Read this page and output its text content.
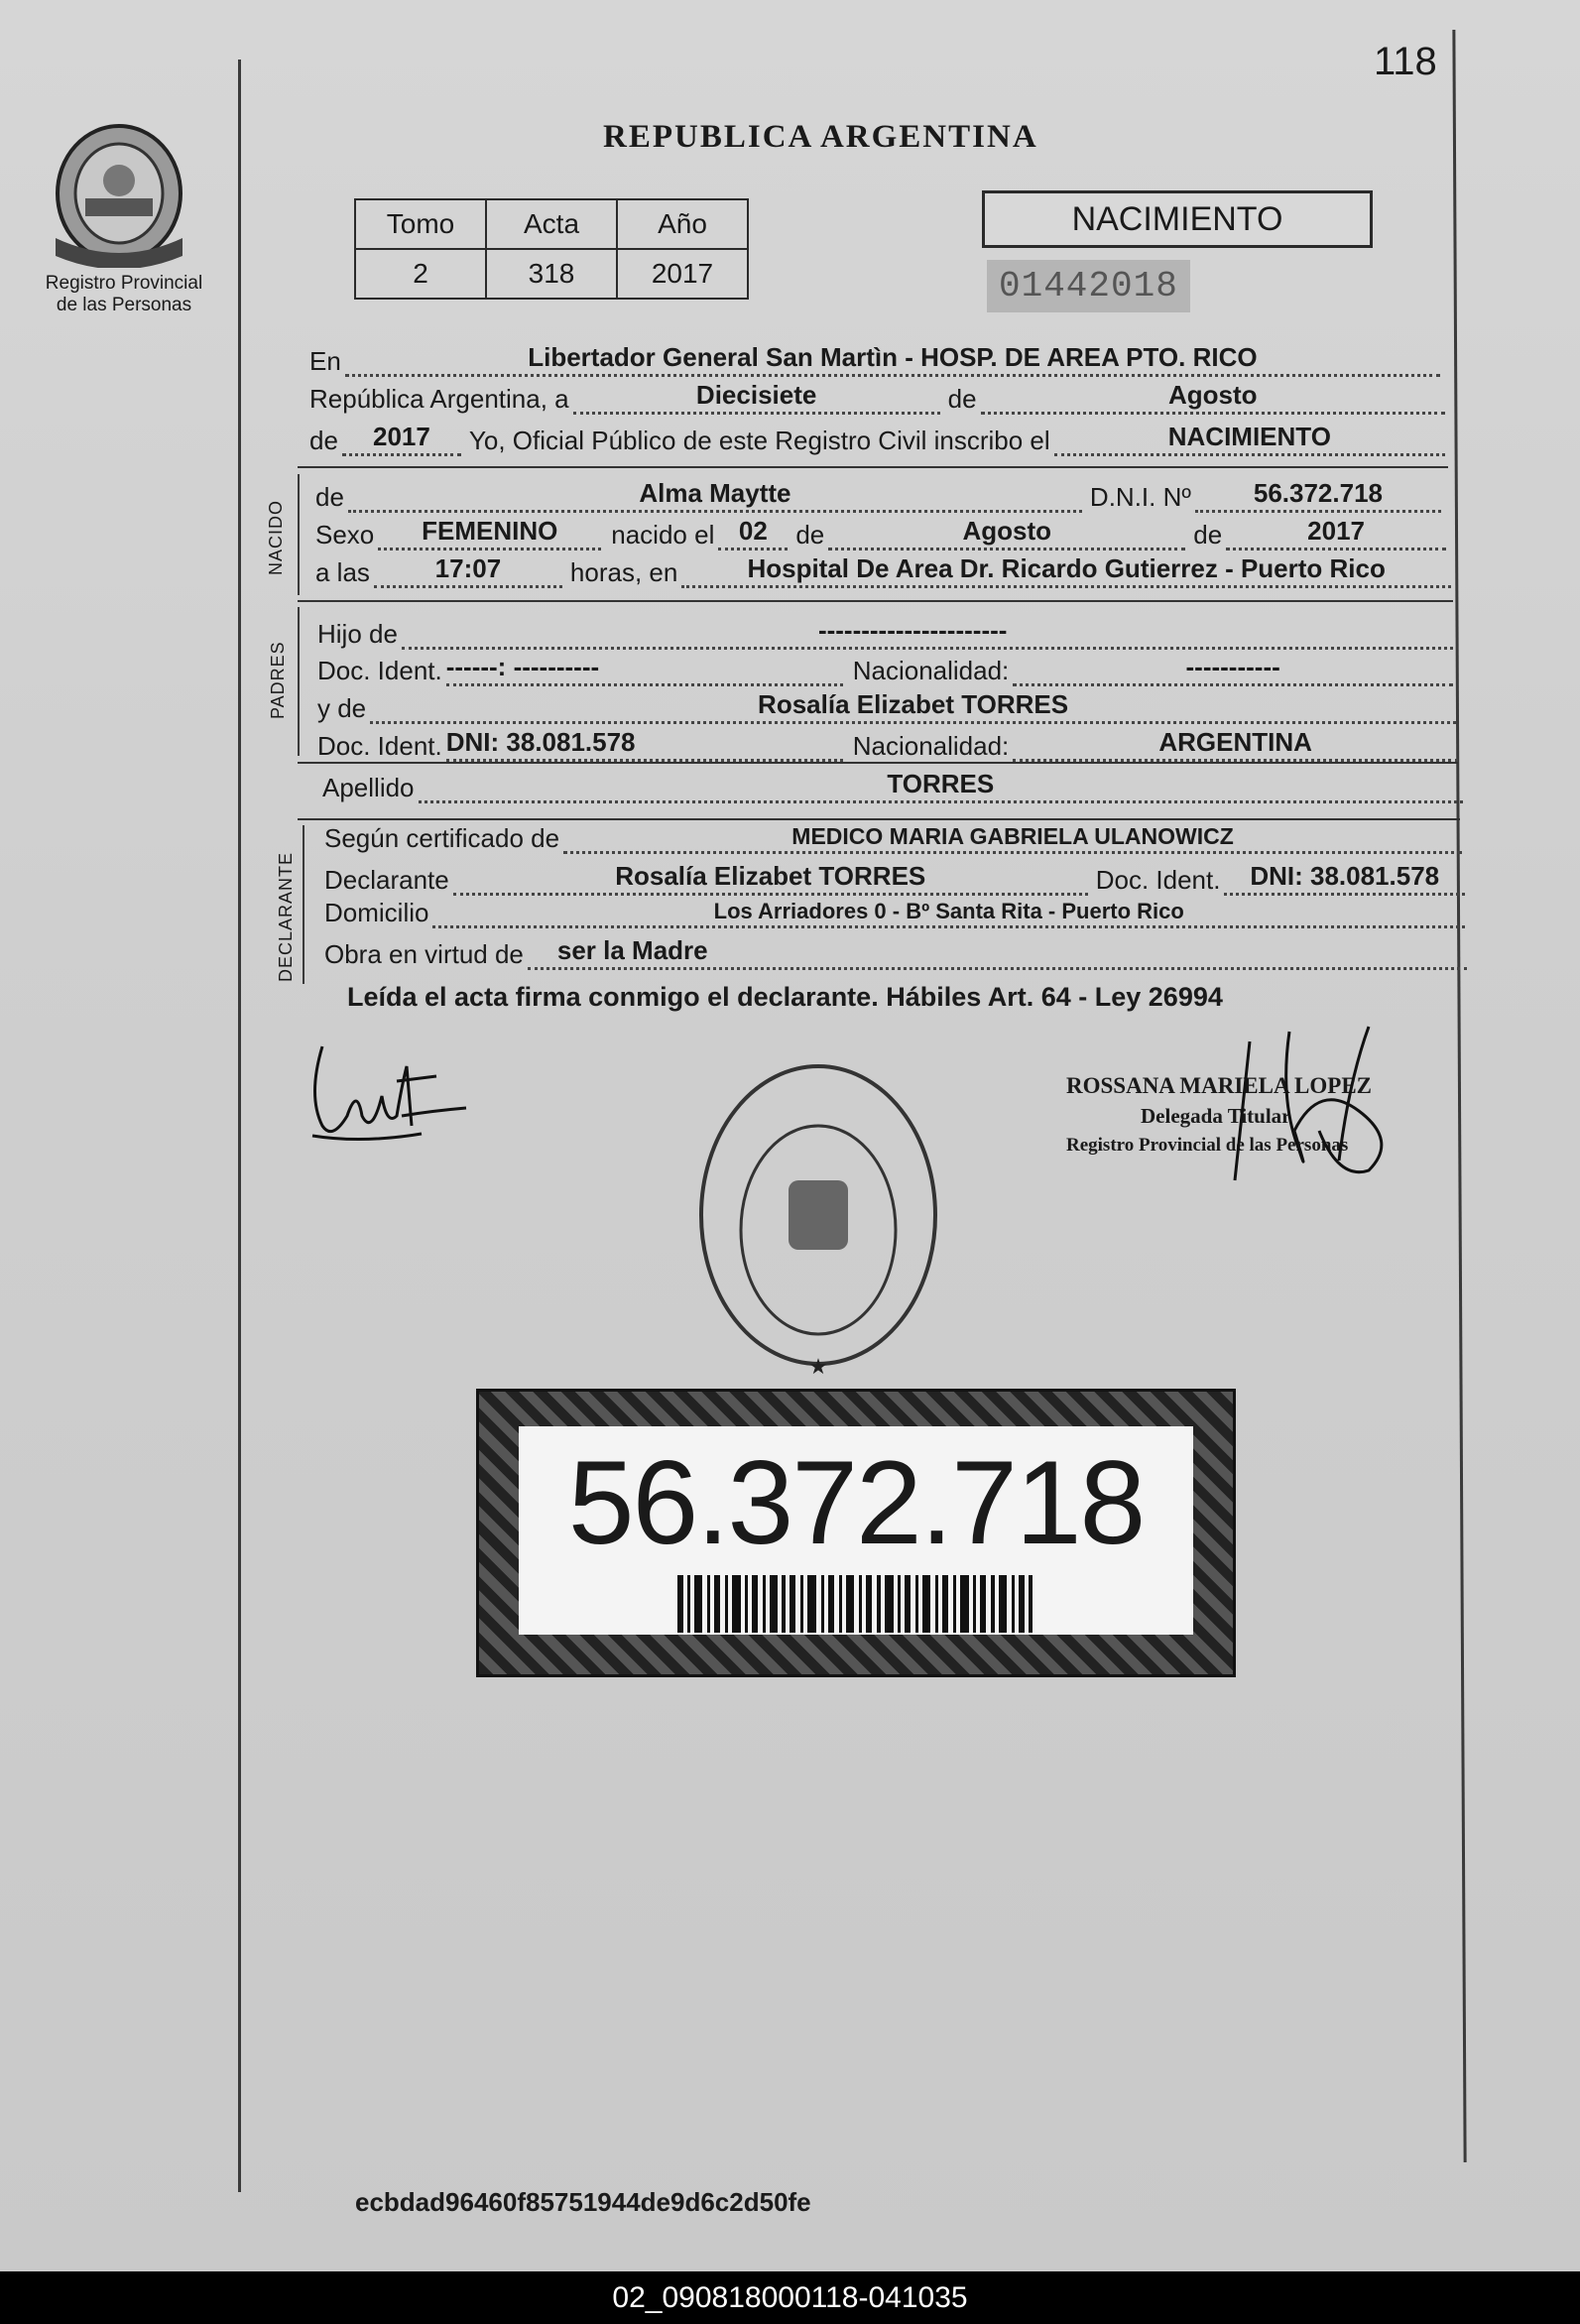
118
Registro Provincial
de las Personas
REPUBLICA ARGENTINA
Tomo	Acta	Año
2	318	2017
NACIMIENTO
01442018
En	Libertador General San Martìn - HOSP. DE AREA PTO. RICO
República Argentina, a	Diecisiete	de	Agosto
de	2017	Yo, Oficial Público de este Registro Civil inscribo el	NACIMIENTO
NACIDO
de	Alma Maytte	D.N.I. Nº	56.372.718
Sexo	FEMENINO	nacido el 02	de	Agosto	de	2017
a las	17:07	horas, en	Hospital De Area Dr. Ricardo Gutierrez - Puerto Rico
PADRES
Hijo de	----------------------
Doc. Ident. ------: ----------	Nacionalidad:	-----------
y de	Rosalía Elizabet TORRES
Doc. Ident. DNI: 38.081.578	Nacionalidad:	ARGENTINA
Apellido	TORRES
DECLARANTE
Según certificado de	MEDICO MARIA GABRIELA ULANOWICZ
Declarante	Rosalía Elizabet TORRES	Doc. Ident.	DNI: 38.081.578
Domicilio	Los Arriadores 0 - Bº Santa Rita - Puerto Rico
Obra en virtud de	ser la Madre
Leída el acta firma conmigo el declarante. Hábiles Art. 64 - Ley 26994
★
ROSSANA MARIELA LOPEZ
Delegada Titular
Registro Provincial de las Personas
56.372.718
ecbdad96460f85751944de9d6c2d50fe
02_090818000118-041035
